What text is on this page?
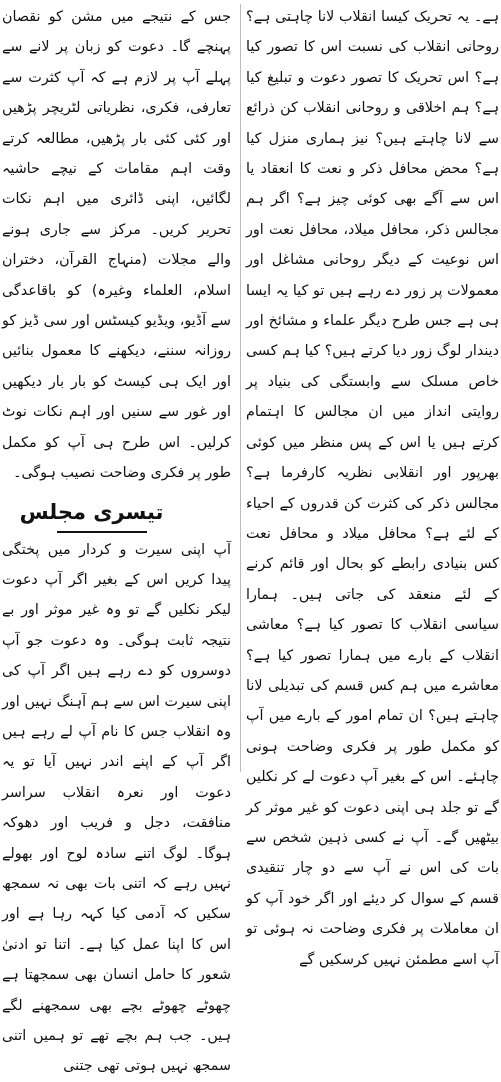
ہے۔ یہ تحریک کیسا انقلاب لانا چاہتی ہے؟ روحانی انقلاب کی نسبت اس کا تصور کیا ہے؟ اس تحریک کا تصور دعوت و تبلیغ کیا ہے؟ ہم اخلاقی و روحانی انقلاب کن ذرائع سے لانا چاہتے ہیں؟ نیز ہماری منزل کیا ہے؟ محض محافل ذکر و نعت کا انعقاد یا اس سے آگے بھی کوئی چیز ہے؟ اگر ہم مجالس ذکر، محافل میلاد، محافل نعت اور اس نوعیت کے دیگر روحانی مشاغل اور معمولات پر زور دے رہے ہیں تو کیا یہ ایسا ہی ہے جس طرح دیگر علماء و مشائخ اور دیندار لوگ زور دیا کرتے ہیں؟ کیا ہم کسی خاص مسلک سے وابستگی کی بنیاد پر روایتی انداز میں ان مجالس کا اہتمام کرتے ہیں یا اس کے پس منظر میں کوئی بھرپور اور انقلابی نظریہ کارفرما ہے؟ مجالس ذکر کی کثرت کن قدروں کے احیاء کے لئے ہے؟ محافل میلاد و محافل نعت کس بنیادی رابطے کو بحال اور قائم کرنے کے لئے منعقد کی جاتی ہیں۔ ہمارا سیاسی انقلاب کا تصور کیا ہے؟ معاشی انقلاب کے بارے میں ہمارا تصور کیا ہے؟ معاشرے میں ہم کس قسم کی تبدیلی لانا چاہتے ہیں؟ ان تمام امور کے بارے میں آپ کو مکمل طور پر فکری وضاحت ہونی چاہئے۔ اس کے بغیر آپ دعوت لے کر نکلیں گے تو جلد ہی اپنی دعوت کو غیر موثر کر بیٹھیں گے۔ آپ نے کسی ذہین شخص سے بات کی اس نے آپ سے دو چار تنقیدی قسم کے سوال کر دیئے اور اگر خود آپ کو ان معاملات پر فکری وضاحت نہ ہوئی تو آپ اسے مطمئن نہیں کرسکیں گے

جس کے نتیجے میں مشن کو نقصان پہنچے گا۔ دعوت کو زبان پر لانے سے پہلے آپ پر لازم ہے کہ آپ کثرت سے تعارفی، فکری، نظریاتی لٹریچر پڑھیں اور کئی کئی بار پڑھیں، مطالعہ کرتے وقت اہم مقامات کے نیچے حاشیہ لگائیں، اپنی ڈائری میں اہم نکات تحریر کریں۔ مرکز سے جاری ہونے والے مجلات (منہاج القرآن، دختران اسلام، العلماء وغیرہ) کو باقاعدگی سے آڈیو، ویڈیو کیسٹس اور سی ڈیز کو روزانہ سننے، دیکھنے کا معمول بنائیں اور ایک ہی کیسٹ کو بار بار دیکھیں اور غور سے سنیں اور اہم نکات نوٹ کرلیں۔ اس طرح ہی آپ کو مکمل طور پر فکری وضاحت نصیب ہوگی۔

تیسری مجلس

آپ اپنی سیرت و کردار میں پختگی پیدا کریں اس کے بغیر اگر آپ دعوت لیکر نکلیں گے تو وہ غیر موثر اور بے نتیجہ ثابت ہوگی۔ وہ دعوت جو آپ دوسروں کو دے رہے ہیں اگر آپ کی اپنی سیرت اس سے ہم آہنگ نہیں اور وہ انقلاب جس کا نام آپ لے رہے ہیں اگر آپ کے اپنے اندر نہیں آیا تو یہ دعوت اور نعرہ انقلاب سراسر منافقت، دجل و فریب اور دھوکہ ہوگا۔ لوگ اتنے سادہ لوح اور بھولے نہیں رہے کہ اتنی بات بھی نہ سمجھ سکیں کہ آدمی کیا کہہ رہا ہے اور اس کا اپنا عمل کیا ہے۔ اتنا تو ادنیٰ شعور کا حامل انسان بھی سمجھتا ہے چھوٹے چھوٹے بچے بھی سمجھنے لگے ہیں۔ جب ہم بچے تھے تو ہمیں اتنی سمجھ نہیں ہوتی تھی جتنی
